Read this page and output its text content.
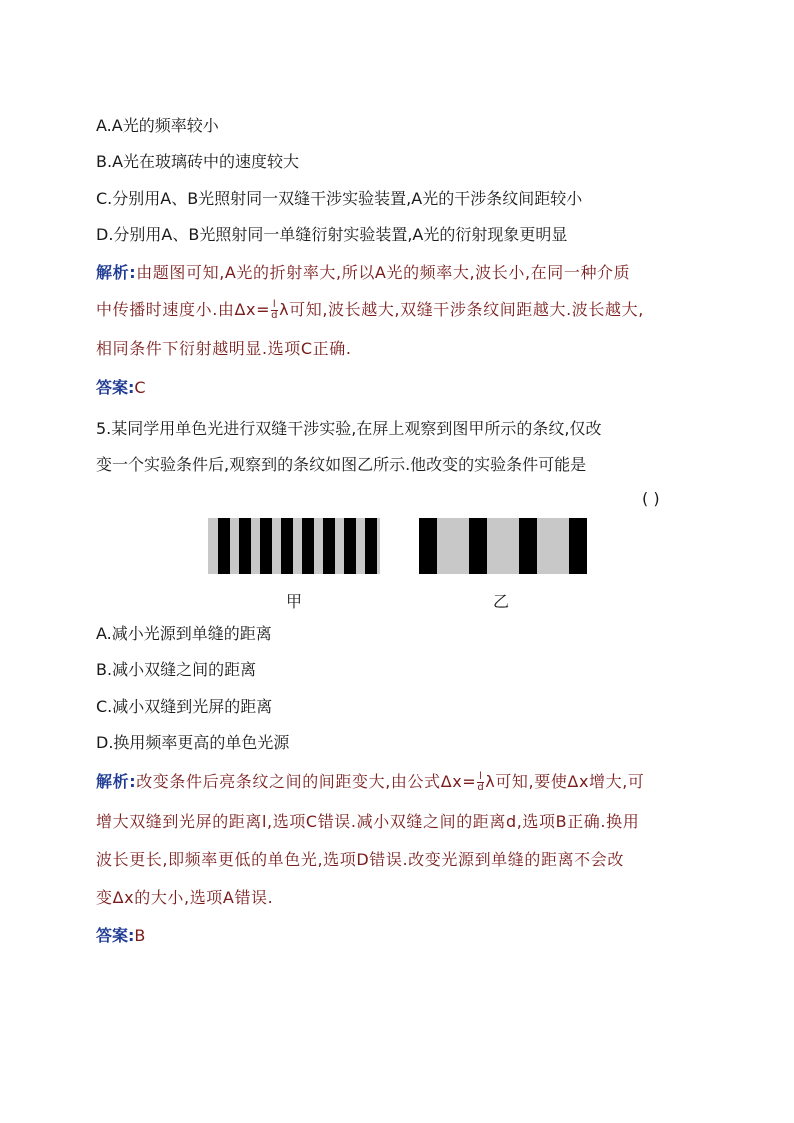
A.A光的频率较小
B.A光在玻璃砖中的速度较大
C.分别用A、B光照射同一双缝干涉实验装置,A光的干涉条纹间距较小
D.分别用A、B光照射同一单缝衍射实验装置,A光的衍射现象更明显
解析:由题图可知,A光的折射率大,所以A光的频率大,波长小,在同一种介质
中传播时速度小.由$\Delta x= \frac{l}{d}$ λ可知,波长越大,双缝干涉条纹间距越大.波长越大,
相同条件下衍射越明显.选项C正确.
答案:C
5.某同学用单色光进行双缝干涉实验,在屏上观察到图甲所示的条纹,仅改
变一个实验条件后,观察到的条纹如图乙所示.他改变的实验条件可能是
( )
甲	乙
A.减小光源到单缝的距离
B.减小双缝之间的距离
C.减小双缝到光屏的距离
D.换用频率更高的单色光源
解析:改变条件后亮条纹之间的间距变大,由公式$\Delta x= \frac{l}{d}$ λ可知,要使Δx增大,可
增大双缝到光屏的距离l,选项C错误.减小双缝之间的距离d,选项B正确.换用
波长更长,即频率更低的单色光,选项D错误.改变光源到单缝的距离不会改
变Δx的大小,选项A错误.
答案:B
